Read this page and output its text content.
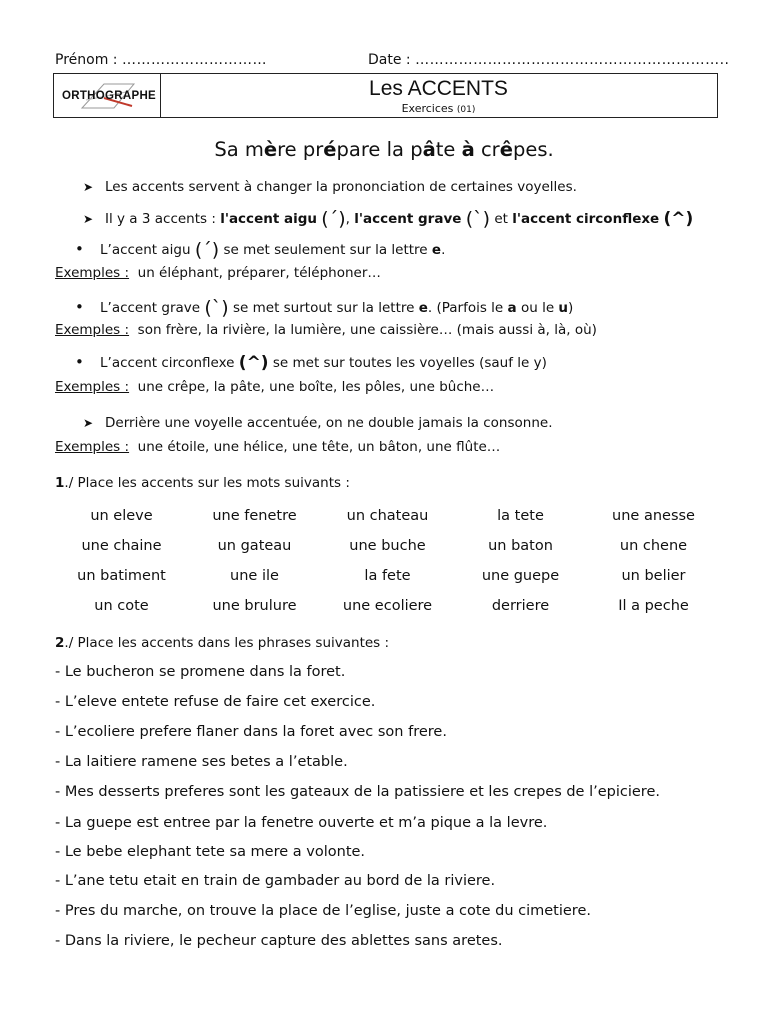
Prénom : …………………………	Date : ………………………………………………………..
ORTHOGRAPHE	Les ACCENTS
Exercices (01)
Sa mère prépare la pâte à crêpes.
➤ Les accents servent à changer la prononciation de certaines voyelles.
➤ Il y a 3 accents : l'accent aigu (ˊ), l'accent grave (ˋ) et l'accent circonflexe (^)
• L’accent aigu (ˊ) se met seulement sur la lettre e.
Exemples : un éléphant, préparer, téléphoner…
• L’accent grave (ˋ) se met surtout sur la lettre e. (Parfois le a ou le u)
Exemples : son frère, la rivière, la lumière, une caissière… (mais aussi à, là, où)
• L’accent circonflexe (^) se met sur toutes les voyelles (sauf le y)
Exemples : une crêpe, la pâte, une boîte, les pôles, une bûche…
➤ Derrière une voyelle accentuée, on ne double jamais la consonne.
Exemples : une étoile, une hélice, une tête, un bâton, une flûte…
1./ Place les accents sur les mots suivants :
un eleve	une fenetre	un chateau	la tete	une anesse
une chaine	un gateau	une buche	un baton	un chene
un batiment	une ile	la fete	une guepe	un belier
un cote	une brulure	une ecoliere	derriere	Il a peche
2./ Place les accents dans les phrases suivantes :
- Le bucheron se promene dans la foret.
- L’eleve entete refuse de faire cet exercice.
- L’ecoliere prefere flaner dans la foret avec son frere.
- La laitiere ramene ses betes a l’etable.
- Mes desserts preferes sont les gateaux de la patissiere et les crepes de l’epiciere.
- La guepe est entree par la fenetre ouverte et m’a pique a la levre.
- Le bebe elephant tete sa mere a volonte.
- L’ane tetu etait en train de gambader au bord de la riviere.
- Pres du marche, on trouve la place de l’eglise, juste a cote du cimetiere.
- Dans la riviere, le pecheur capture des ablettes sans aretes.
